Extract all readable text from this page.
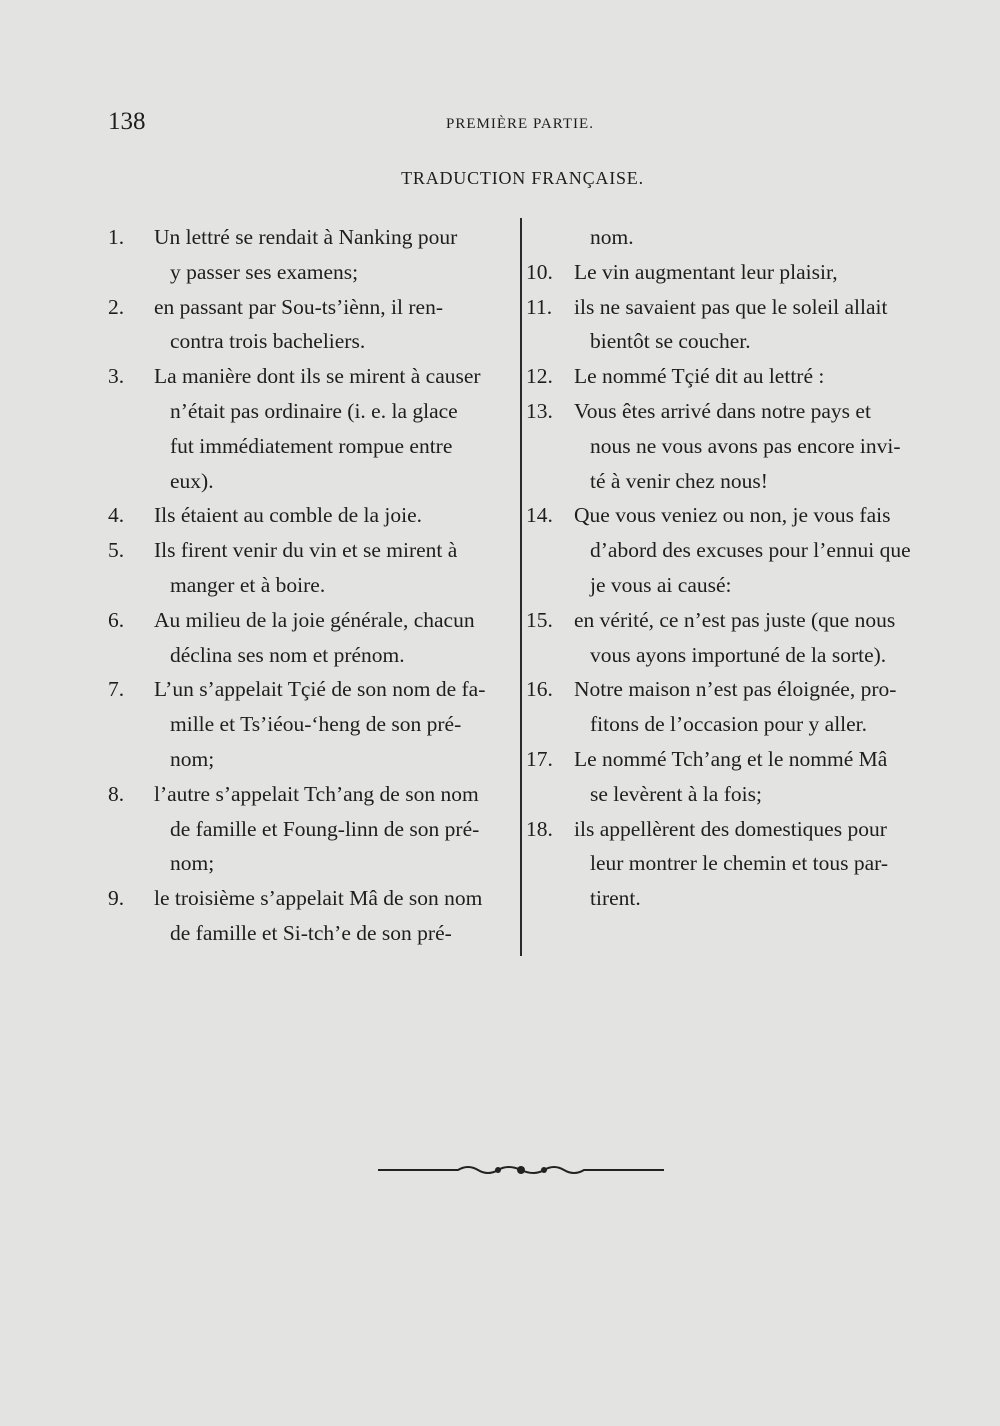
138	PREMIÈRE PARTIE.
TRADUCTION FRANÇAISE.
1.	Un lettré se rendait à Nanking pour
y passer ses examens;
2.	en passant par Sou-ts’iènn, il ren-
contra trois bacheliers.
3.	La manière dont ils se mirent à causer
n’était pas ordinaire (i. e. la glace
fut immédiatement rompue entre
eux).
4.	Ils étaient au comble de la joie.
5.	Ils firent venir du vin et se mirent à
manger et à boire.
6.	Au milieu de la joie générale, chacun
déclina ses nom et prénom.
7.	L’un s’appelait Tçié de son nom de fa-
mille et Ts’iéou-‘heng de son pré-
nom;
8.	l’autre s’appelait Tch’ang de son nom
de famille et Foung-linn de son pré-
nom;
9.	le troisième s’appelait Mâ de son nom
de famille et Si-tch’e de son pré-
nom.
10. Le vin augmentant leur plaisir,
11.	ils ne savaient pas que le soleil allait
bientôt se coucher.
12. Le nommé Tçié dit au lettré :
13. Vous êtes arrivé dans notre pays et
nous ne vous avons pas encore invi-
té à venir chez nous!
14. Que vous veniez ou non, je vous fais
d’abord des excuses pour l’ennui que
je vous ai causé:
15. en vérité, ce n’est pas juste (que nous
vous ayons importuné de la sorte).
16. Notre maison n’est pas éloignée, pro-
fitons de l’occasion pour y aller.
17. Le nommé Tch’ang et le nommé Mâ
se levèrent à la fois;
18. ils appellèrent des domestiques pour
leur montrer le chemin et tous par-
tirent.
